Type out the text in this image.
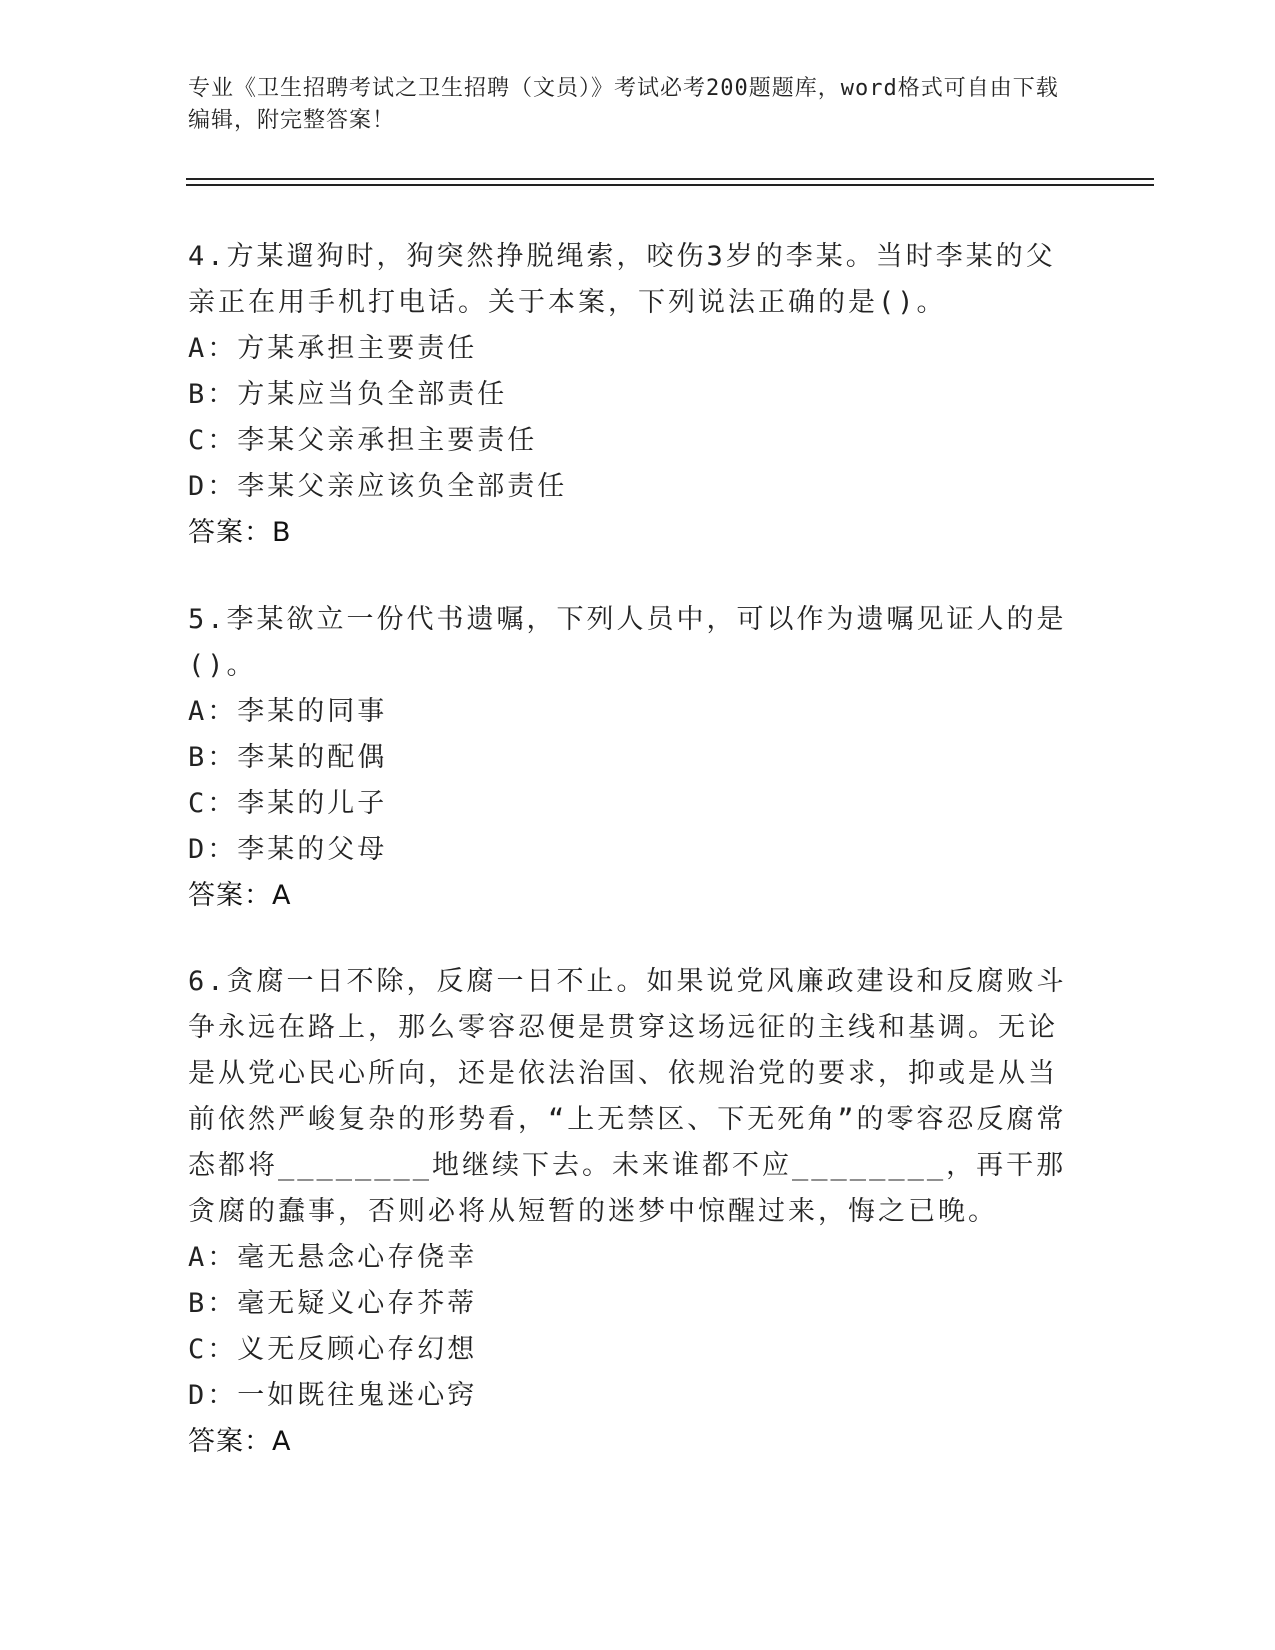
专业《卫生招聘考试之卫生招聘（文员）》考试必考200题题库，word格式可自由下载编辑，附完整答案！

4.方某遛狗时，狗突然挣脱绳索，咬伤3岁的李某。当时李某的父亲正在用手机打电话。关于本案，下列说法正确的是()。

A：方某承担主要责任

B：方某应当负全部责任

C：李某父亲承担主要责任

D：李某父亲应该负全部责任

答案：B

5.李某欲立一份代书遗嘱，下列人员中，可以作为遗嘱见证人的是()。

A：李某的同事

B：李某的配偶

C：李某的儿子

D：李某的父母

答案：A

6.贪腐一日不除，反腐一日不止。如果说党风廉政建设和反腐败斗争永远在路上，那么零容忍便是贯穿这场远征的主线和基调。无论是从党心民心所向，还是依法治国、依规治党的要求，抑或是从当前依然严峻复杂的形势看，“上无禁区、下无死角”的零容忍反腐常态都将________地继续下去。未来谁都不应________，再干那贪腐的蠢事，否则必将从短暂的迷梦中惊醒过来，悔之已晚。

A：毫无悬念心存侥幸

B：毫无疑义心存芥蒂

C：义无反顾心存幻想

D：一如既往鬼迷心窍

答案：A
